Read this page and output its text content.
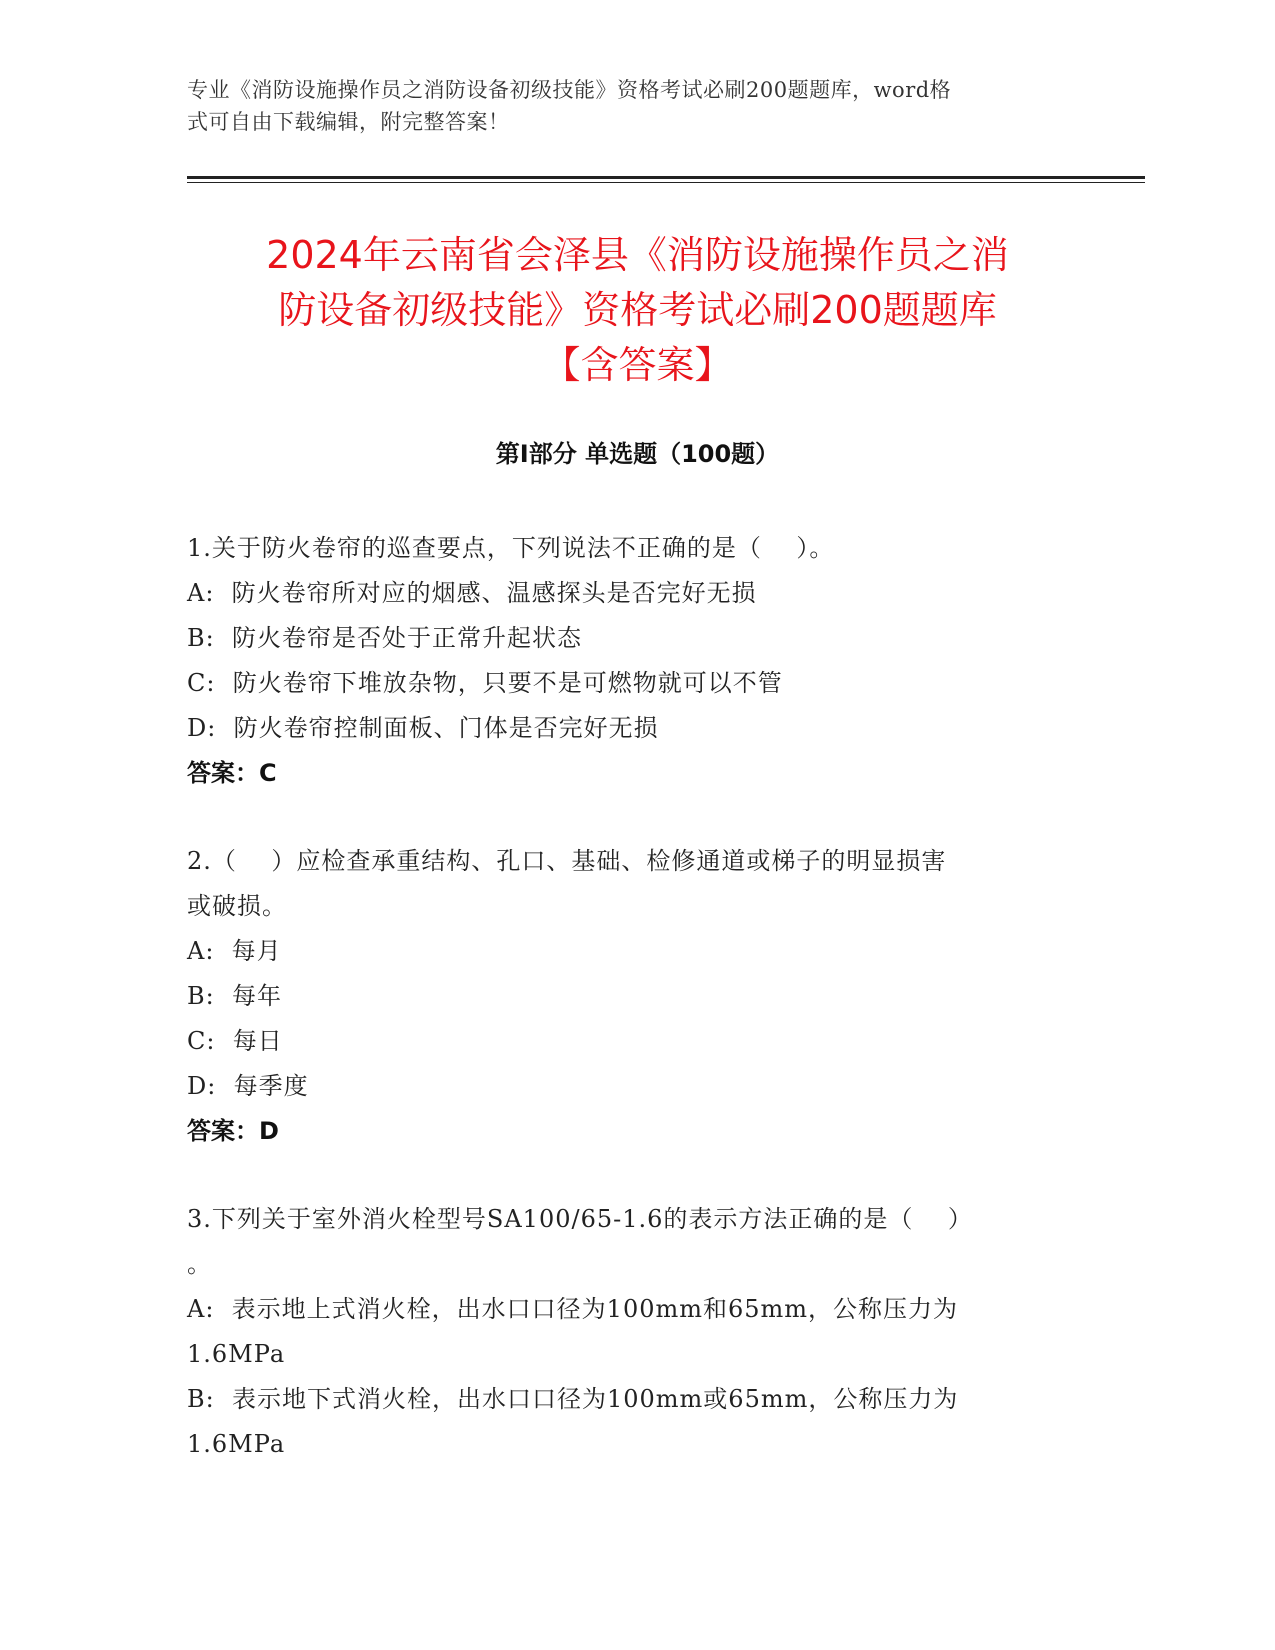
专业《消防设施操作员之消防设备初级技能》资格考试必刷200题题库，word格
式可自由下载编辑，附完整答案！
2024年云南省会泽县《消防设施操作员之消
防设备初级技能》资格考试必刷200题题库
【含答案】
第Ⅰ部分 单选题（100题）
1.关于防火卷帘的巡查要点，下列说法不正确的是（    ）。
A:  防火卷帘所对应的烟感、温感探头是否完好无损
B:  防火卷帘是否处于正常升起状态
C:  防火卷帘下堆放杂物，只要不是可燃物就可以不管
D:  防火卷帘控制面板、门体是否完好无损
答案：C
2.（    ）应检查承重结构、孔口、基础、检修通道或梯子的明显损害
或破损。
A:  每月
B:  每年
C:  每日
D:  每季度
答案：D
3.下列关于室外消火栓型号SA100/65-1.6的表示方法正确的是（    ）
。
A:  表示地上式消火栓，出水口口径为100mm和65mm，公称压力为
1.6MPa
B:  表示地下式消火栓，出水口口径为100mm或65mm，公称压力为
1.6MPa
